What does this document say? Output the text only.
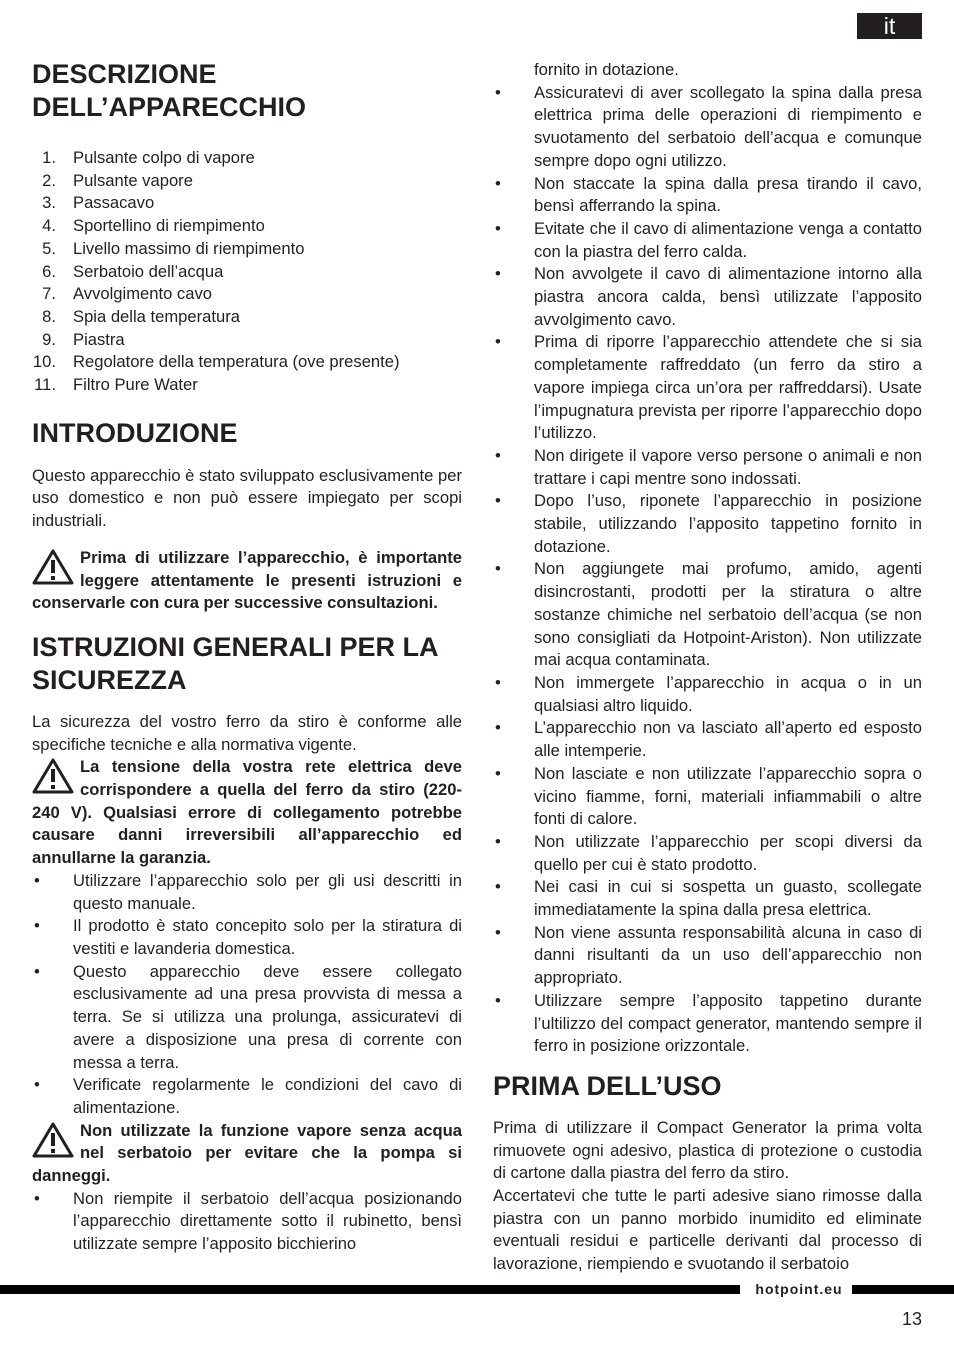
it
DESCRIZIONE DELL’APPARECCHIO
1. Pulsante colpo di vapore
2. Pulsante vapore
3. Passacavo
4. Sportellino di riempimento
5. Livello massimo di riempimento
6. Serbatoio dell’acqua
7. Avvolgimento cavo
8. Spia della temperatura
9. Piastra
10. Regolatore della temperatura (ove presente)
11. Filtro Pure Water
INTRODUZIONE

Questo apparecchio è stato sviluppato esclusivamente per uso domestico e non può essere impiegato per scopi industriali.

Prima di utilizzare l’apparecchio, è importante leggere attentamente le presenti istruzioni e conservarle con cura per successive consultazioni.
ISTRUZIONI GENERALI PER LA SICUREZZA

La sicurezza del vostro ferro da stiro è conforme alle specifiche tecniche e alla normativa vigente.

La tensione della vostra rete elettrica deve corrispondere a quella del ferro da stiro (220-240 V). Qualsiasi errore di collegamento potrebbe causare danni irreversibili all’apparecchio ed annullarne la garanzia.
• Utilizzare l’apparecchio solo per gli usi descritti in questo manuale.
• Il prodotto è stato concepito solo per la stiratura di vestiti e lavanderia domestica.
• Questo apparecchio deve essere collegato esclusivamente ad una presa provvista di messa a terra. Se si utilizza una prolunga, assicuratevi di avere a disposizione una presa di corrente con messa a terra.
• Verificate regolarmente le condizioni del cavo di alimentazione.
Non utilizzate la funzione vapore senza acqua nel serbatoio per evitare che la pompa si danneggi.
• Non riempite il serbatoio dell’acqua posizionando l’apparecchio direttamente sotto il rubinetto, bensì utilizzate sempre l’apposito bicchierino
fornito in dotazione.
• Assicuratevi di aver scollegato la spina dalla presa elettrica prima delle operazioni di riempimento e svuotamento del serbatoio dell’acqua e comunque sempre dopo ogni utilizzo.
• Non staccate la spina dalla presa tirando il cavo, bensì afferrando la spina.
• Evitate che il cavo di alimentazione venga a contatto con la piastra del ferro calda.
• Non avvolgete il cavo di alimentazione intorno alla piastra ancora calda, bensì utilizzate l’apposito avvolgimento cavo.
• Prima di riporre l’apparecchio attendete che si sia completamente raffreddato (un ferro da stiro a vapore impiega circa un’ora per raffreddarsi). Usate l’impugnatura prevista per riporre l’apparecchio dopo l’utilizzo.
• Non dirigete il vapore verso persone o animali e non trattare i capi mentre sono indossati.
• Dopo l’uso, riponete l’apparecchio in posizione stabile, utilizzando l’apposito tappetino fornito in dotazione.
• Non aggiungete mai profumo, amido, agenti disincrostanti, prodotti per la stiratura o altre sostanze chimiche nel serbatoio dell’acqua (se non sono consigliati da Hotpoint-Ariston). Non utilizzate mai acqua contaminata.
• Non immergete l’apparecchio in acqua o in un qualsiasi altro liquido.
• L’apparecchio non va lasciato all’aperto ed esposto alle intemperie.
• Non lasciate e non utilizzate l’apparecchio sopra o vicino fiamme, forni, materiali infiammabili o altre fonti di calore.
• Non utilizzate l’apparecchio per scopi diversi da quello per cui è stato prodotto.
• Nei casi in cui si sospetta un guasto, scollegate immediatamente la spina dalla presa elettrica.
• Non viene assunta responsabilità alcuna in caso di danni risultanti da un uso dell’apparecchio non appropriato.
• Utilizzare sempre l’apposito tappetino durante l’ultilizzo del compact generator, mantendo sempre il ferro in posizione orizzontale.
PRIMA DELL’USO

Prima di utilizzare il Compact Generator la prima volta rimuovete ogni adesivo, plastica di protezione o custodia di cartone dalla piastra del ferro da stiro.

Accertatevi che tutte le parti adesive siano rimosse dalla piastra con un panno morbido inumidito ed eliminate eventuali residui e particelle derivanti dal processo di lavorazione, riempiendo e svuotando il serbatoio

hotpoint.eu
13
